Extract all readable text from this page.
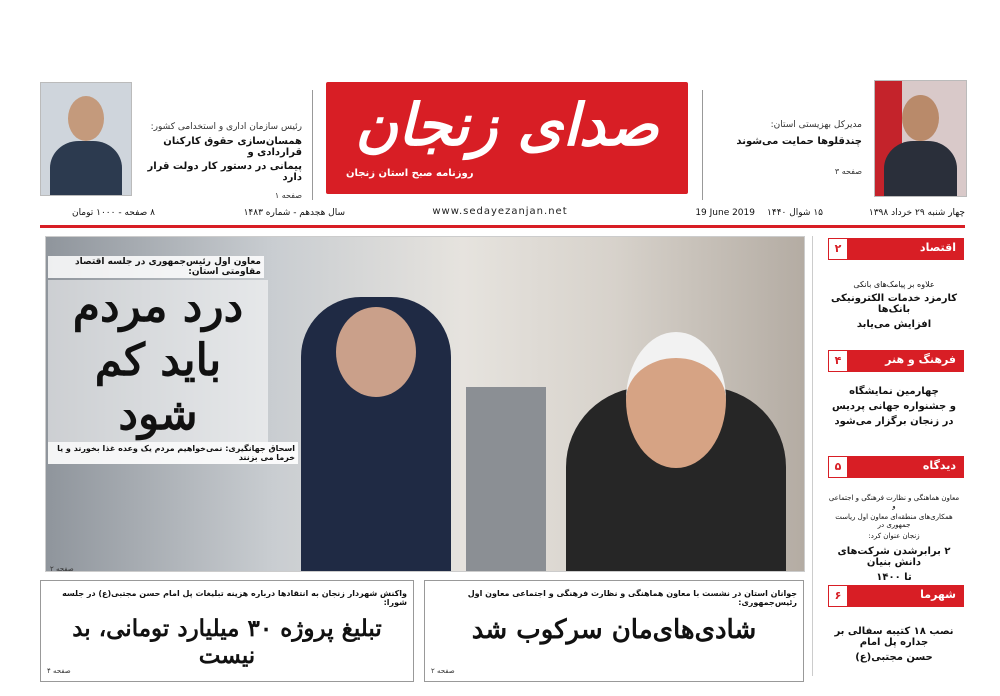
رئیس سازمان اداری و استخدامی کشور:
همسان‌سازی حقوق کارکنان قراردادی و
پیمانی در دستور کار دولت قرار دارد
صفحه ۱
صدای زنجان
روزنامه صبح استان زنجان
www.sedayezanjan.net
مدیرکل بهزیستی استان:
چندقلوها حمایت می‌شوند
صفحه ۳
چهار شنبه ۲۹ خرداد ۱۳۹۸
۱۵ شوال ۱۴۴۰
19 June 2019
سال هجدهم - شماره ۱۴۸۳
۸ صفحه - ۱۰۰۰ تومان
معاون اول رئیس‌جمهوری در جلسه اقتصاد مقاومتی استان:
درد مردم
باید کم شود
اسحاق جهانگیری: نمی‌خواهیم مردم یک وعده غذا بخورند و یا خرما می بزنند
صفحه ۲
۲	اقتصاد
علاوه بر پیامک‌های بانکی
کارمزد خدمات الکترونیکی بانک‌ها
افزایش می‌یابد
۴	فرهنگ و هنر
چهارمین نمایشگاه
و جشنواره جهانی پردیس
در زنجان برگزار می‌شود
۵	دیدگاه
معاون هماهنگی و نظارت فرهنگی و اجتماعی و
همکاری‌های منطقه‌ای معاون اول ریاست جمهوری در
زنجان عنوان کرد:
۲ برابرشدن شرکت‌های دانش بنیان
تا ۱۴۰۰
۶	شهرما
نصب ۱۸ کتیبه سفالی بر جداره پل امام
حسن مجتبی(ع)
واکنش شهردار زنجان به انتقادها درباره هزینه تبلیغات پل امام حسن مجتبی(ع) در جلسه شورا:
تبلیغ پروژه ۳۰ میلیارد تومانی، بد نیست
صفحه ۴
جوانان استان در نشست با معاون هماهنگی و نظارت فرهنگی و اجتماعی معاون اول رئیس‌جمهوری:
شادی‌های‌مان سرکوب شد
صفحه ۲
